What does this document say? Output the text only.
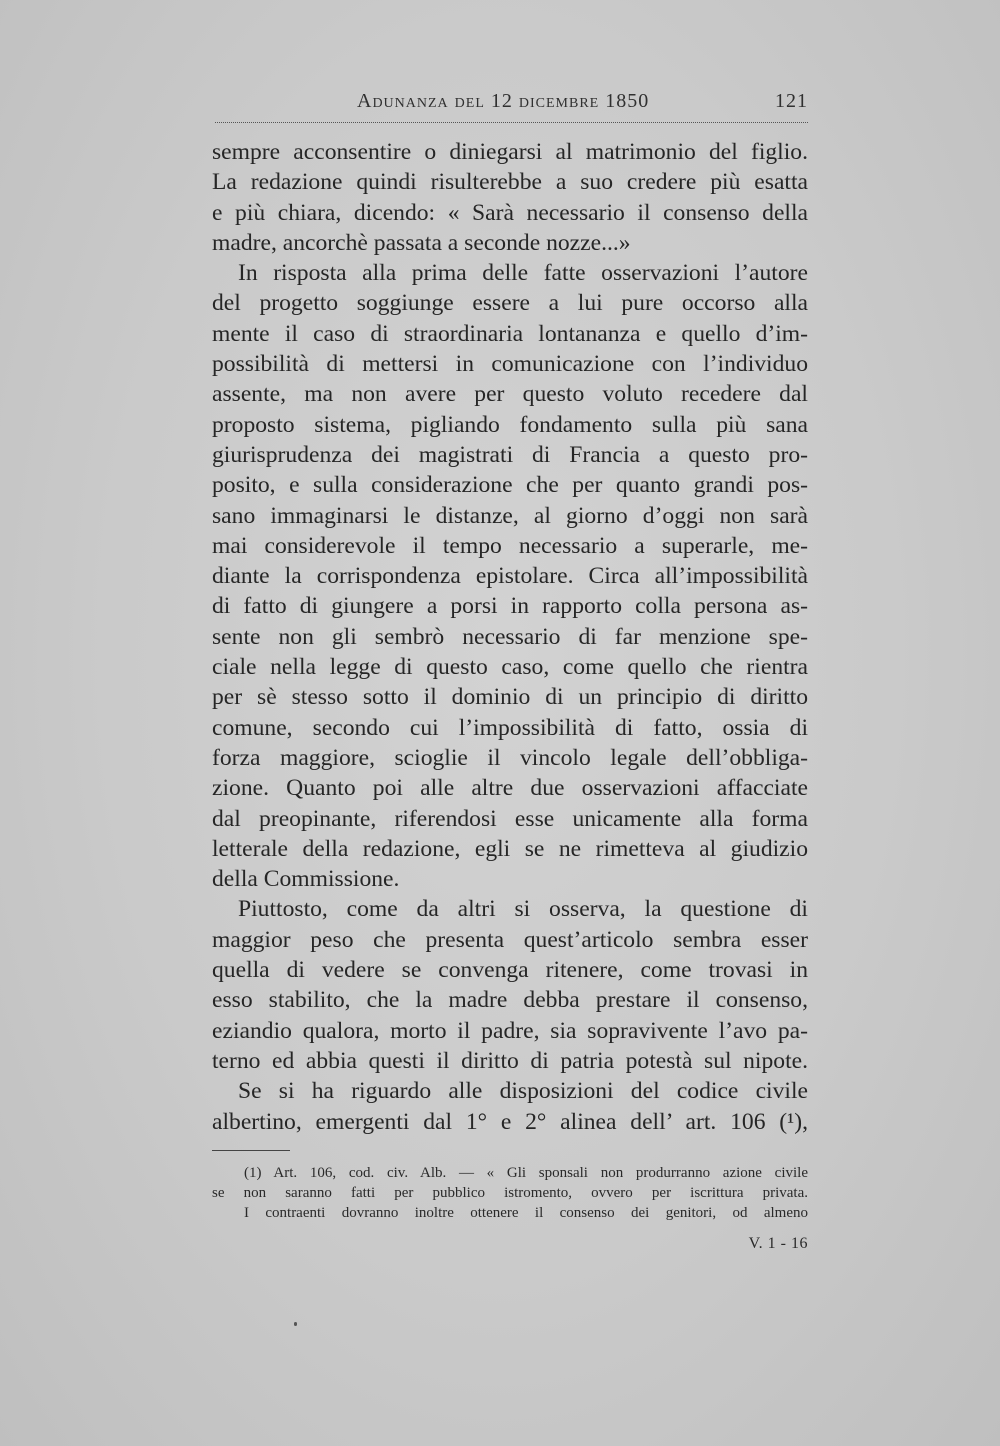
Adunanza del 12 dicembre 1850	121
sempre acconsentire o diniegarsi al matrimonio del figlio.
La redazione quindi risulterebbe a suo credere più esatta
e più chiara, dicendo: « Sarà necessario il consenso della
madre, ancorchè passata a seconde nozze...»
In risposta alla prima delle fatte osservazioni l’autore
del progetto soggiunge essere a lui pure occorso alla
mente il caso di straordinaria lontananza e quello d’im-
possibilità di mettersi in comunicazione con l’individuo
assente, ma non avere per questo voluto recedere dal
proposto sistema, pigliando fondamento sulla più sana
giurisprudenza dei magistrati di Francia a questo pro-
posito, e sulla considerazione che per quanto grandi pos-
sano immaginarsi le distanze, al giorno d’oggi non sarà
mai considerevole il tempo necessario a superarle, me-
diante la corrispondenza epistolare. Circa all’impossibilità
di fatto di giungere a porsi in rapporto colla persona as-
sente non gli sembrò necessario di far menzione spe-
ciale nella legge di questo caso, come quello che rientra
per sè stesso sotto il dominio di un principio di diritto
comune, secondo cui l’impossibilità di fatto, ossia di
forza maggiore, scioglie il vincolo legale dell’obbliga-
zione. Quanto poi alle altre due osservazioni affacciate
dal preopinante, riferendosi esse unicamente alla forma
letterale della redazione, egli se ne rimetteva al giudizio
della Commissione.
Piuttosto, come da altri si osserva, la questione di
maggior peso che presenta quest’articolo sembra esser
quella di vedere se convenga ritenere, come trovasi in
esso stabilito, che la madre debba prestare il consenso,
eziandio qualora, morto il padre, sia sopravivente l’avo pa-
terno ed abbia questi il diritto di patria potestà sul nipote.
Se si ha riguardo alle disposizioni del codice civile
albertino, emergenti dal 1° e 2° alinea dell’ art. 106 (¹),
(1) Art. 106, cod. civ. Alb. — « Gli sponsali non produrranno azione civile
se non saranno fatti per pubblico istromento, ovvero per iscrittura privata.
I contraenti dovranno inoltre ottenere il consenso dei genitori, od almeno
V. 1 - 16
